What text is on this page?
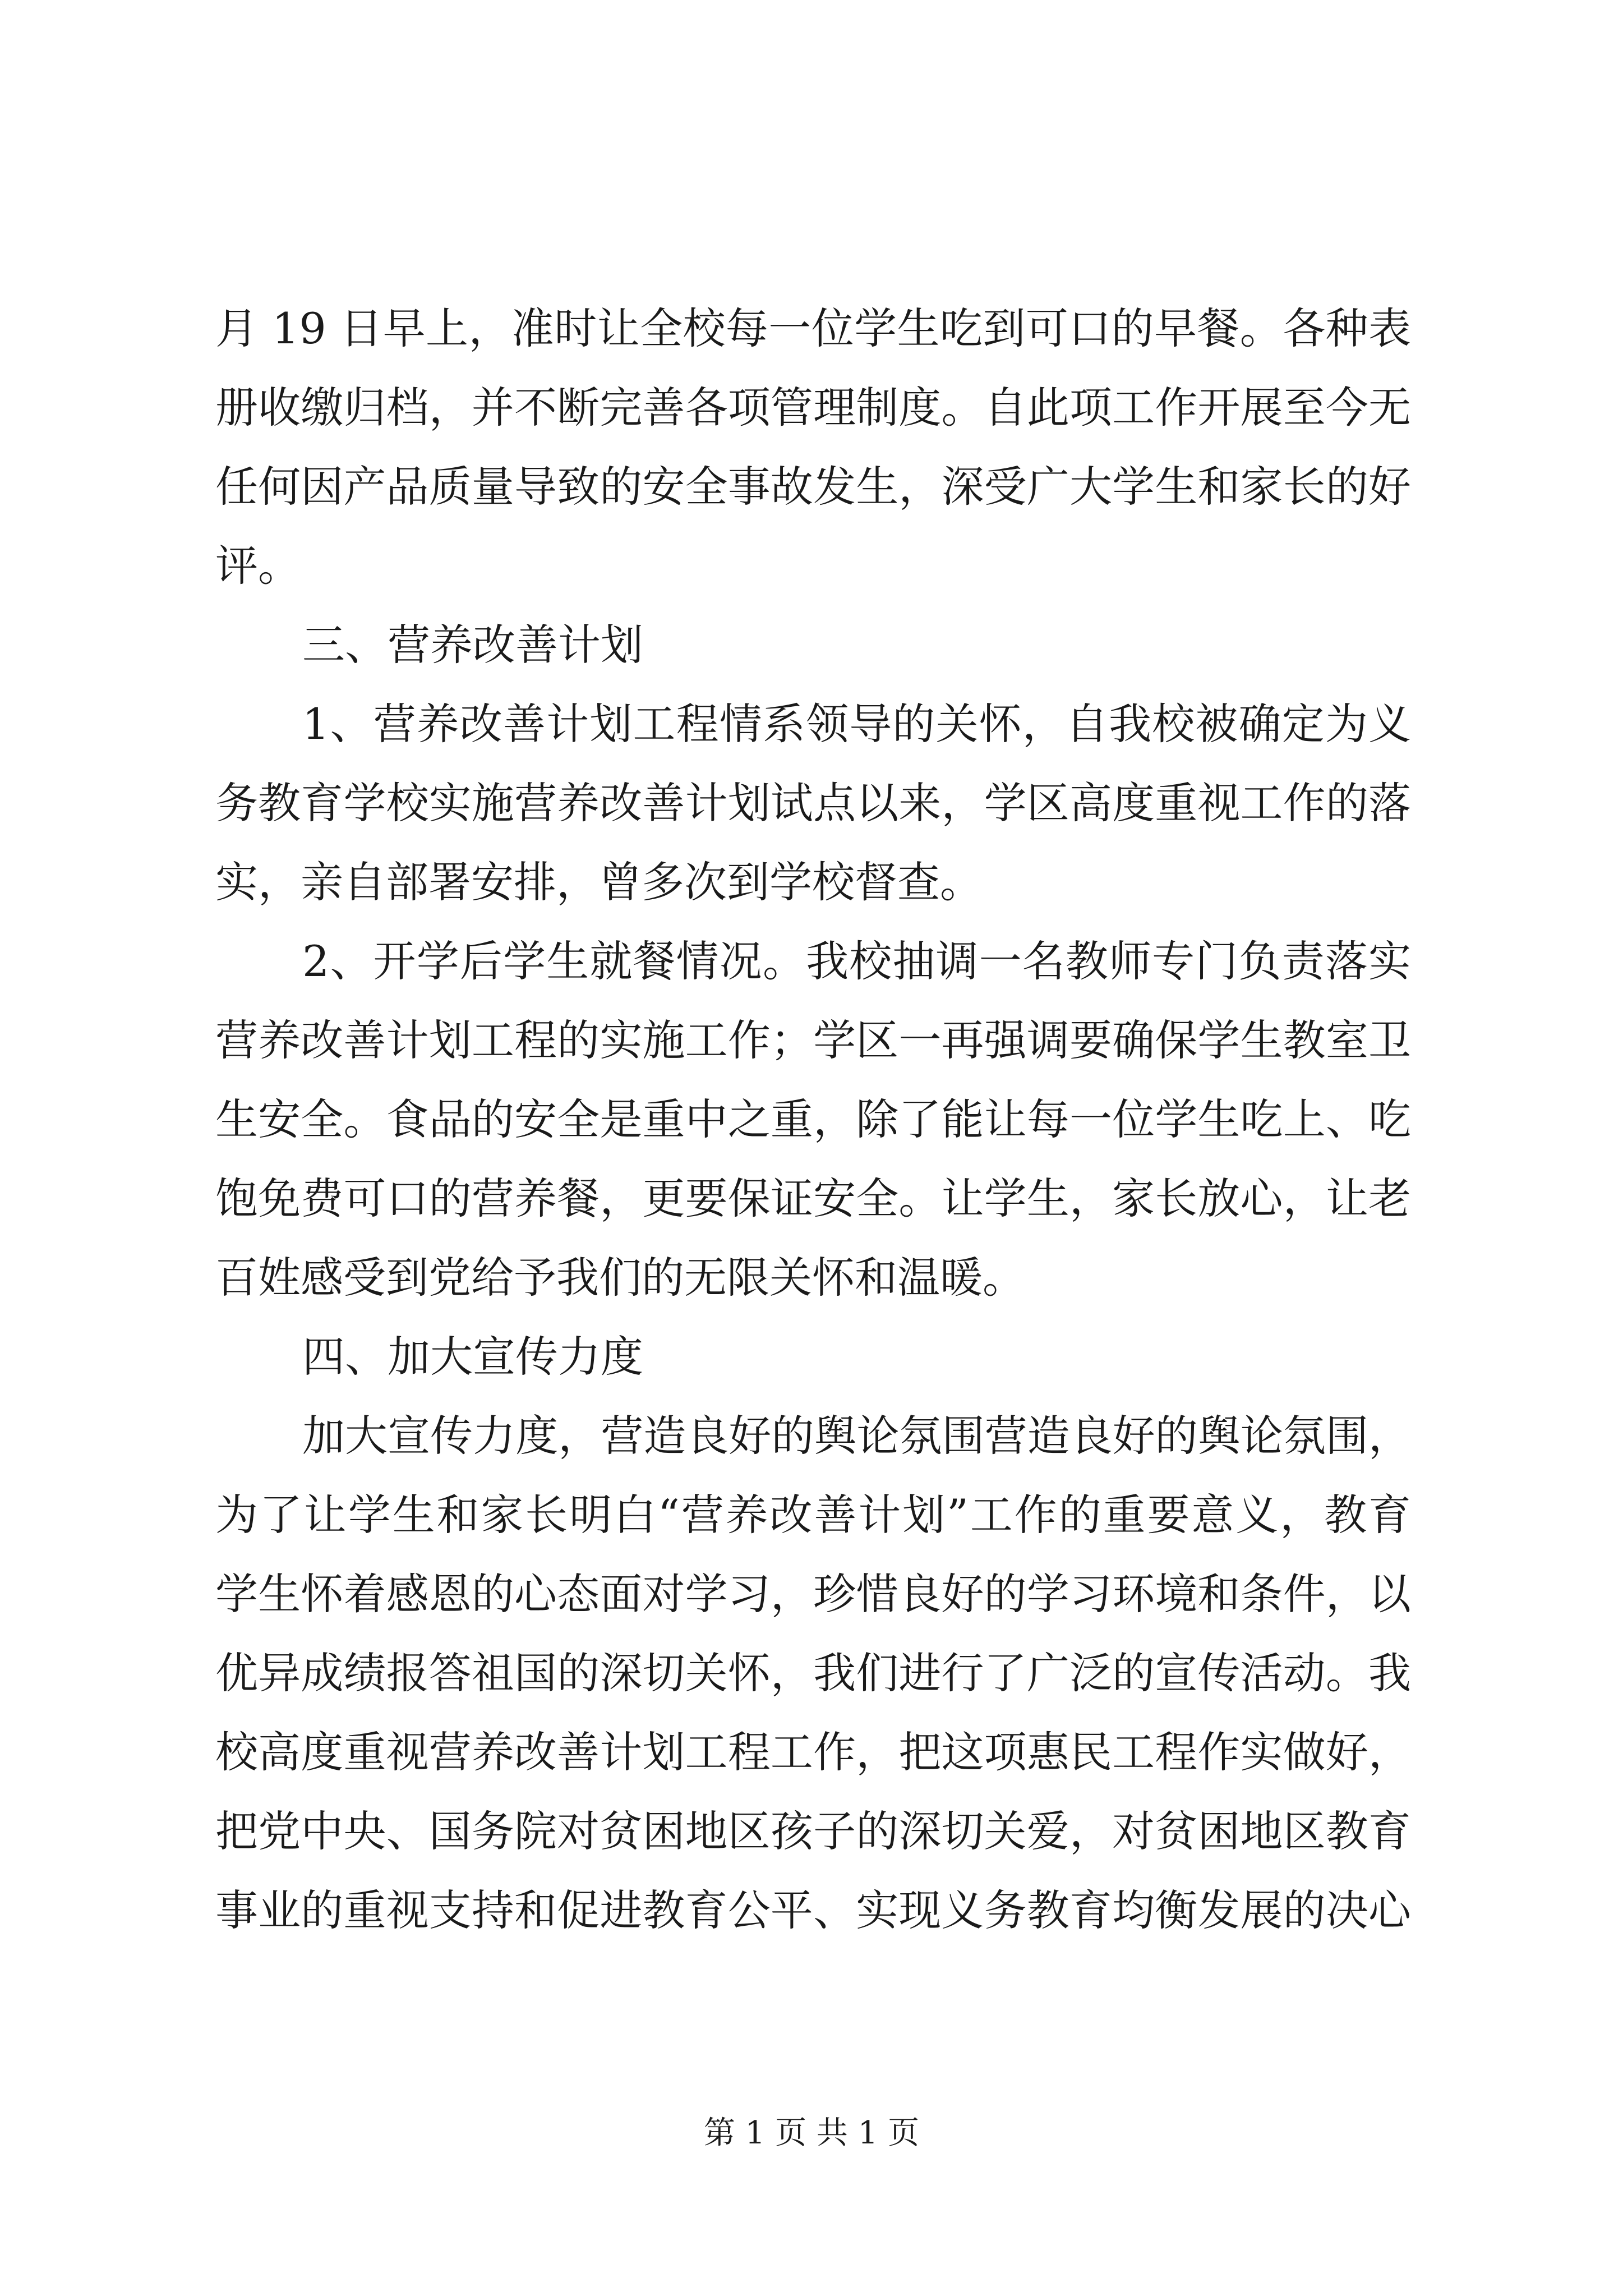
月 19 日早上，准时让全校每一位学生吃到可口的早餐。各种表
册收缴归档，并不断完善各项管理制度。自此项工作开展至今无
任何因产品质量导致的安全事故发生，深受广大学生和家长的好
评。
三、营养改善计划
1、营养改善计划工程情系领导的关怀，自我校被确定为义
务教育学校实施营养改善计划试点以来，学区高度重视工作的落
实，亲自部署安排，曾多次到学校督查。
2、开学后学生就餐情况。我校抽调一名教师专门负责落实
营养改善计划工程的实施工作；学区一再强调要确保学生教室卫
生安全。食品的安全是重中之重，除了能让每一位学生吃上、吃
饱免费可口的营养餐，更要保证安全。让学生，家长放心，让老
百姓感受到党给予我们的无限关怀和温暖。
四、加大宣传力度
加大宣传力度，营造良好的舆论氛围营造良好的舆论氛围，
为了让学生和家长明白“营养改善计划”工作的重要意义，教育
学生怀着感恩的心态面对学习，珍惜良好的学习环境和条件，以
优异成绩报答祖国的深切关怀，我们进行了广泛的宣传活动。我
校高度重视营养改善计划工程工作，把这项惠民工程作实做好，
把党中央、国务院对贫困地区孩子的深切关爱，对贫困地区教育
事业的重视支持和促进教育公平、实现义务教育均衡发展的决心
第 1 页 共 1 页
